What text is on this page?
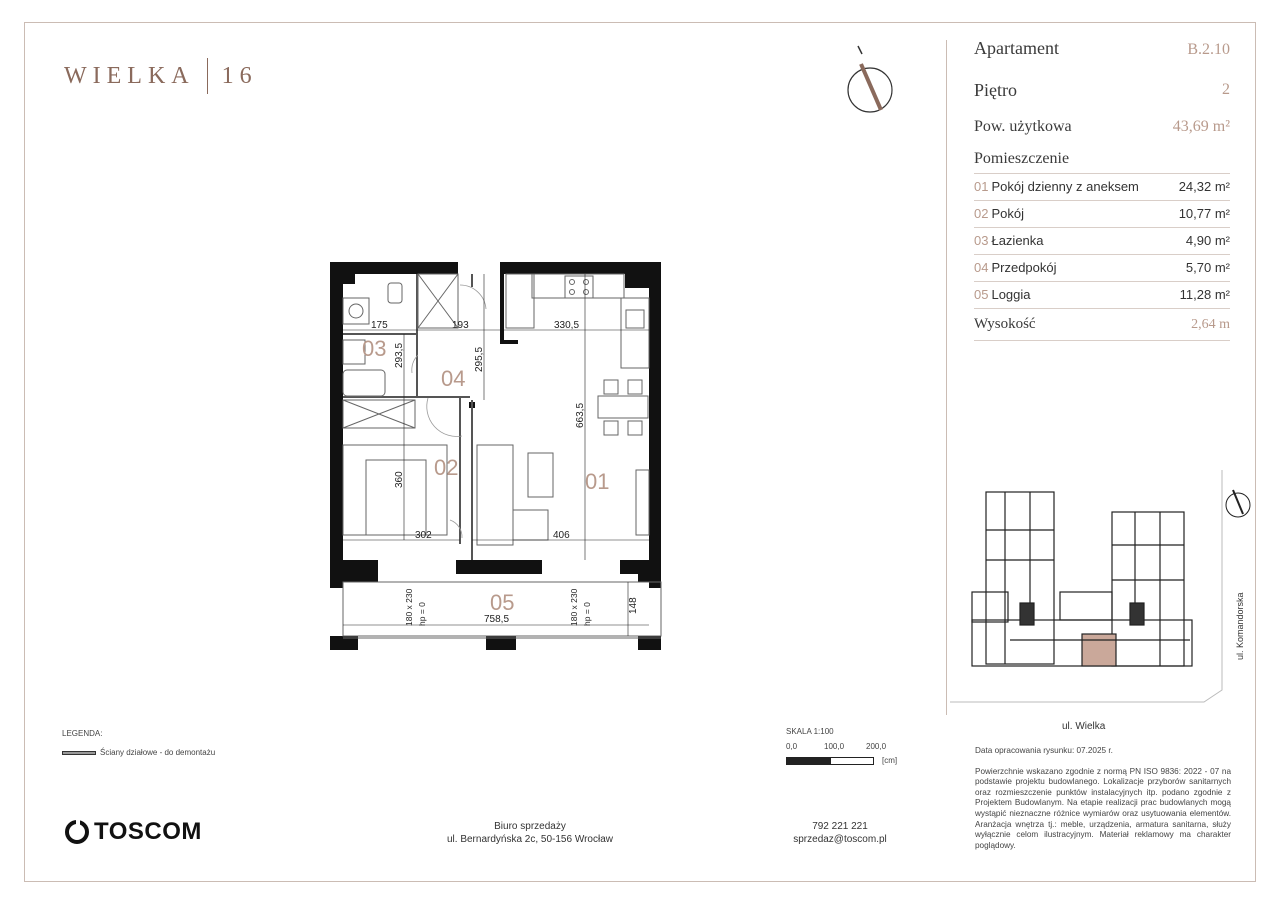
WIELKA 16
Apartament	B.2.10
Piętro	2
Pow. użytkowa	43,69 m²
Pomieszczenie
01 Pokój dzienny z aneksem	24,32 m²
02 Pokój	10,77 m²
03 Łazienka	4,90 m²
04 Przedpokój	5,70 m²
05 Loggia	11,28 m²
Wysokość	2,64 m
03
04
02
01
05
175	193	330,5
302	406
758,5
293,5	295,5
663,5
360
148
180 x 230 hp = 0	180 x 230 hp = 0
ul. Wielka
ul. Komandorska
LEGENDA:
Ściany działowe - do demontażu
SKALA 1:100
0,0	100,0	200,0
[cm]
TOSCOM	Biuro sprzedaży
ul. Bernardyńska 2c, 50-156 Wrocław
792 221 221
sprzedaz@toscom.pl
Data opracowania rysunku: 07.2025 r.
Powierzchnie wskazano zgodnie z normą PN ISO 9836: 2022 - 07 na podstawie projektu budowlanego. Lokalizacje przyborów sanitarnych oraz rozmieszczenie punktów instalacyjnych itp. podano zgodnie z Projektem Budowlanym. Na etapie realizacji prac budowlanych mogą wystąpić nieznaczne różnice wymiarów oraz usytuowania elementów. Aranżacja wnętrza tj.: meble, urządzenia, armatura sanitarna, służy wyłącznie celom ilustracyjnym. Materiał reklamowy ma charakter poglądowy.
